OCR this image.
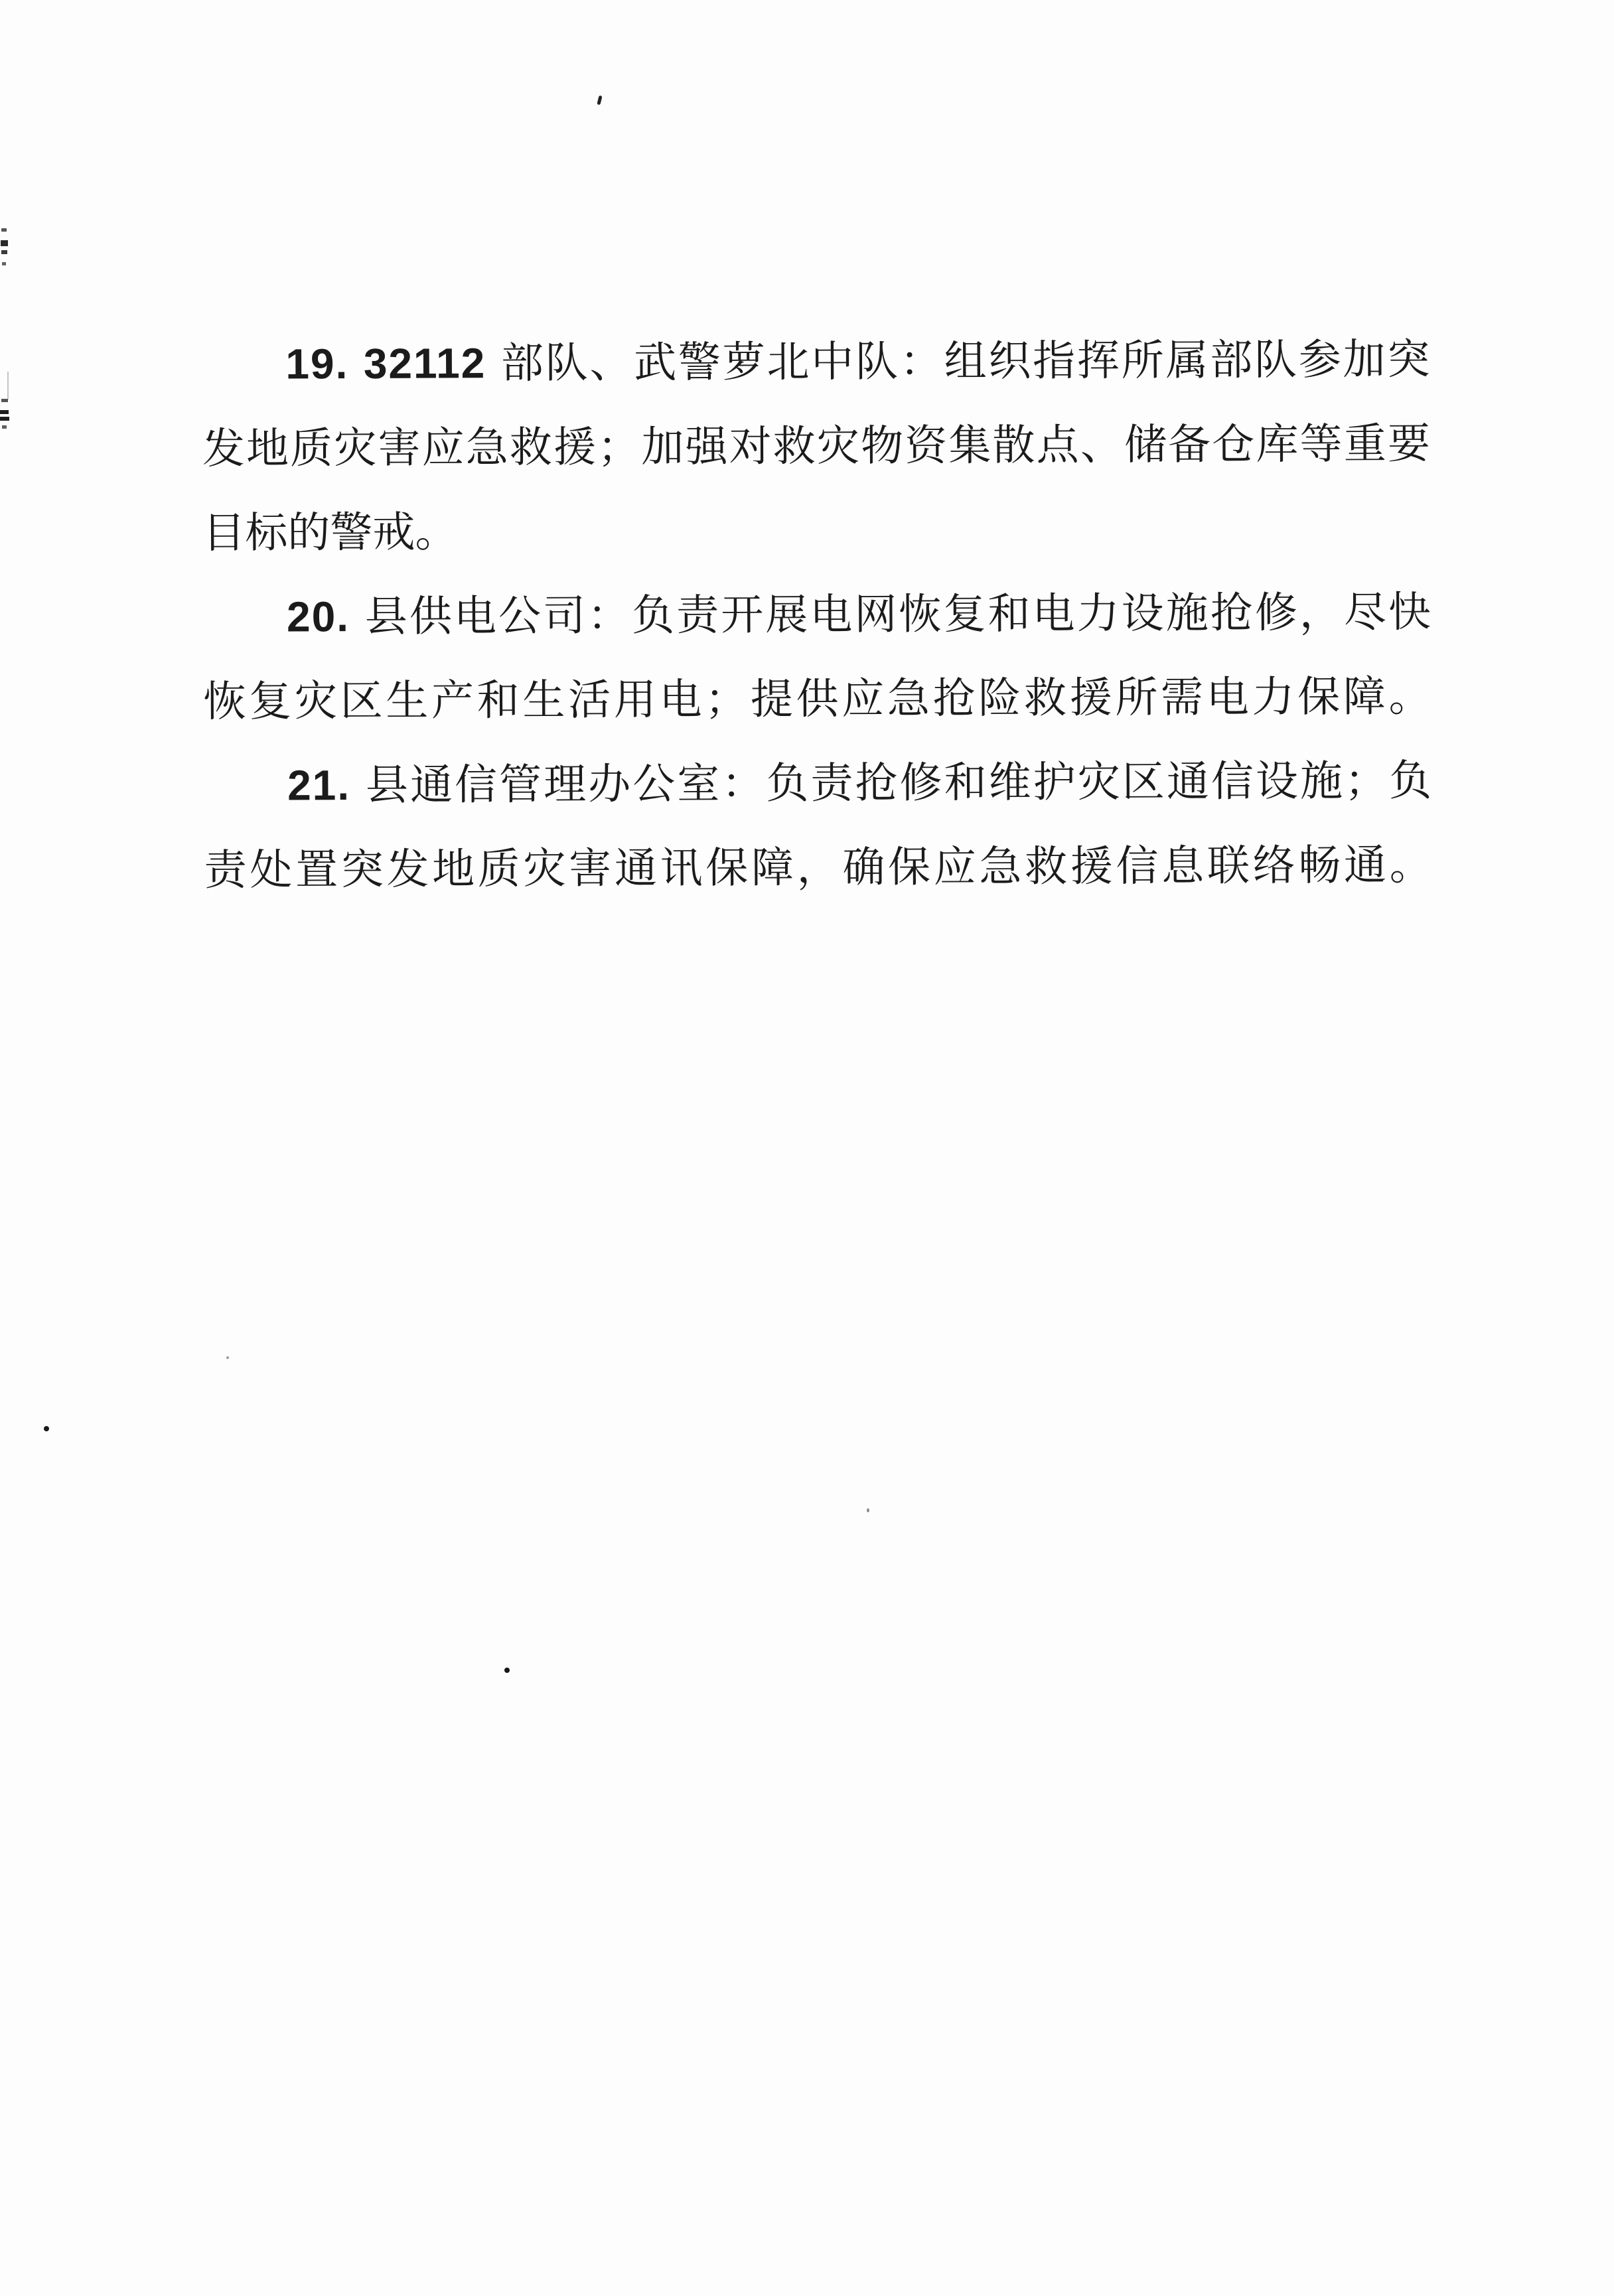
19. 32112 部队、武警萝北中队：组织指挥所属部队参加突
发地质灾害应急救援；加强对救灾物资集散点、储备仓库等重要
目标的警戒。
20. 县供电公司：负责开展电网恢复和电力设施抢修，尽快
恢复灾区生产和生活用电；提供应急抢险救援所需电力保障。
21. 县通信管理办公室：负责抢修和维护灾区通信设施；负
责处置突发地质灾害通讯保障，确保应急救援信息联络畅通。
